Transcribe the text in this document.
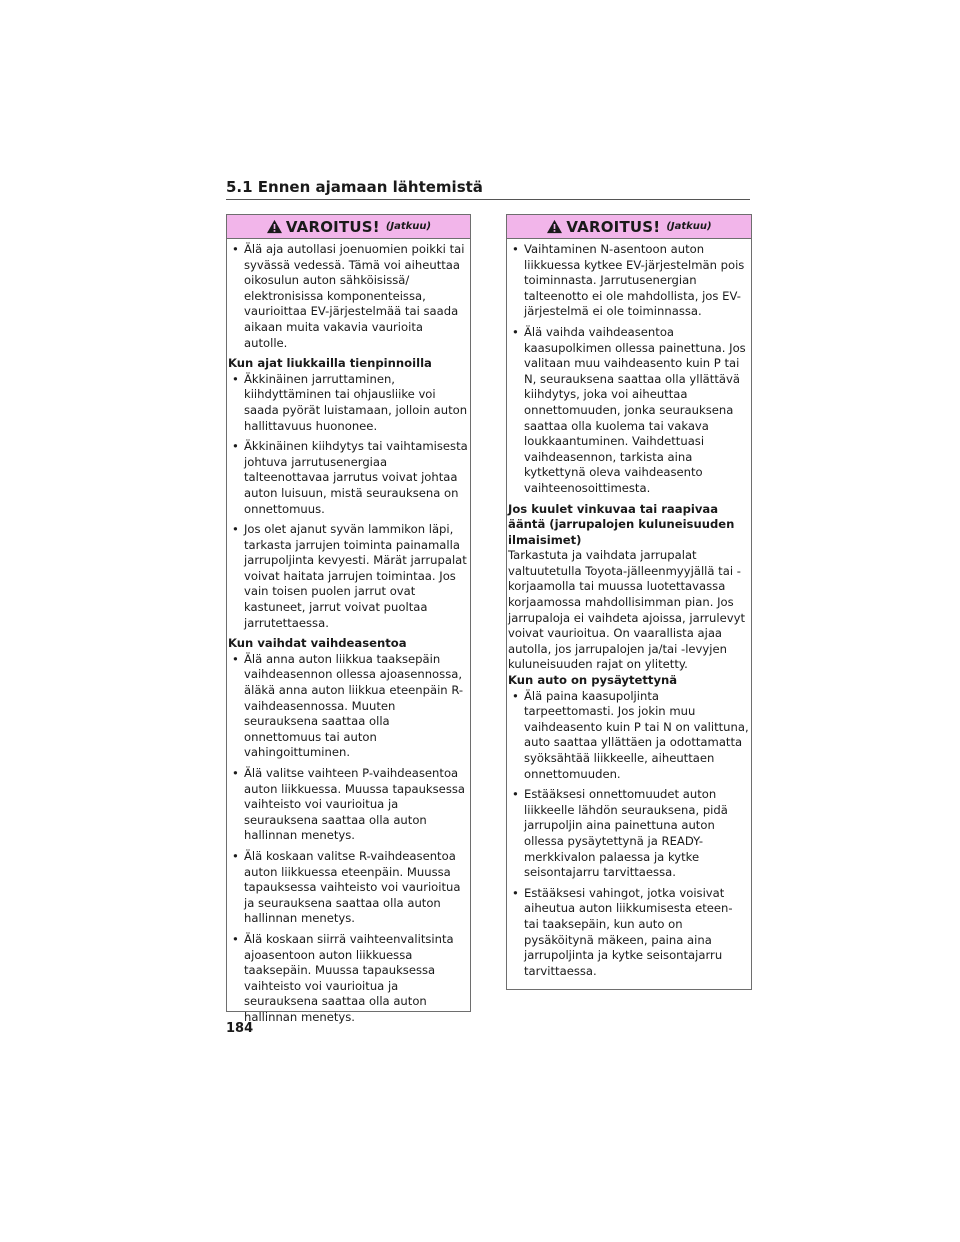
5.1 Ennen ajamaan lähtemistä
VAROITUS! (Jatkuu)
• Älä aja autollasi joenuomien poikki tai syvässä vedessä. Tämä voi aiheuttaa oikosulun auton sähköisissä/ elektronisissa komponenteissa, vaurioittaa EV-järjestelmää tai saada aikaan muita vakavia vaurioita autolle.

Kun ajat liukkailla tienpinnoilla

• Äkkinäinen jarruttaminen, kiihdyttäminen tai ohjausliike voi saada pyörät luistamaan, jolloin auton hallittavuus huononee.
• Äkkinäinen kiihdytys tai vaihtamisesta johtuva jarrutusenergiaa talteenottavaa jarrutus voivat johtaa auton luisuun, mistä seurauksena on onnettomuus.
• Jos olet ajanut syvän lammikon läpi, tarkasta jarrujen toiminta painamalla jarrupoljinta kevyesti. Märät jarrupalat voivat haitata jarrujen toimintaa. Jos vain toisen puolen jarrut ovat kastuneet, jarrut voivat puoltaa jarrutettaessa.

Kun vaihdat vaihdeasentoa

• Älä anna auton liikkua taaksepäin vaihdeasennon ollessa ajoasennossa, äläkä anna auton liikkua eteenpäin R-vaihdeasennossa. Muuten seurauksena saattaa olla onnettomuus tai auton vahingoittuminen.
• Älä valitse vaihteen P-vaihdeasentoa auton liikkuessa. Muussa tapauksessa vaihteisto voi vaurioitua ja seurauksena saattaa olla auton hallinnan menetys.
• Älä koskaan valitse R-vaihdeasentoa auton liikkuessa eteenpäin. Muussa tapauksessa vaihteisto voi vaurioitua ja seurauksena saattaa olla auton hallinnan menetys.
• Älä koskaan siirrä vaihteenvalitsinta ajoasentoon auton liikkuessa taaksepäin. Muussa tapauksessa vaihteisto voi vaurioitua ja seurauksena saattaa olla auton hallinnan menetys.
VAROITUS! (Jatkuu)
• Vaihtaminen N-asentoon auton liikkuessa kytkee EV-järjestelmän pois toiminnasta. Jarrutusenergian talteenotto ei ole mahdollista, jos EV-järjestelmä ei ole toiminnassa.
• Älä vaihda vaihdeasentoa kaasupolkimen ollessa painettuna. Jos valitaan muu vaihdeasento kuin P tai N, seurauksena saattaa olla yllättävä kiihdytys, joka voi aiheuttaa onnettomuuden, jonka seurauksena saattaa olla kuolema tai vakava loukkaantuminen. Vaihdettuasi vaihdeasennon, tarkista aina kytkettynä oleva vaihdeasento vaihteenosoittimesta.

Jos kuulet vinkuvaa tai raapivaa ääntä (jarrupalojen kuluneisuuden ilmaisimet)

Tarkastuta ja vaihdata jarrupalat valtuutetulla Toyota-jälleenmyyjällä tai -korjaamolla tai muussa luotettavassa korjaamossa mahdollisimman pian. Jos jarrupaloja ei vaihdeta ajoissa, jarrulevyt voivat vaurioitua. On vaarallista ajaa autolla, jos jarrupalojen ja/tai -levyjen kuluneisuuden rajat on ylitetty.

Kun auto on pysäytettynä

• Älä paina kaasupoljinta tarpeettomasti. Jos jokin muu vaihdeasento kuin P tai N on valittuna, auto saattaa yllättäen ja odottamatta syöksähtää liikkeelle, aiheuttaen onnettomuuden.
• Estääksesi onnettomuudet auton liikkeelle lähdön seurauksena, pidä jarrupoljin aina painettuna auton ollessa pysäytettynä ja READY-merkkivalon palaessa ja kytke seisontajarru tarvittaessa.
• Estääksesi vahingot, jotka voisivat aiheutua auton liikkumisesta eteen- tai taaksepäin, kun auto on pysäköitynä mäkeen, paina aina jarrupoljinta ja kytke seisontajarru tarvittaessa.
184
